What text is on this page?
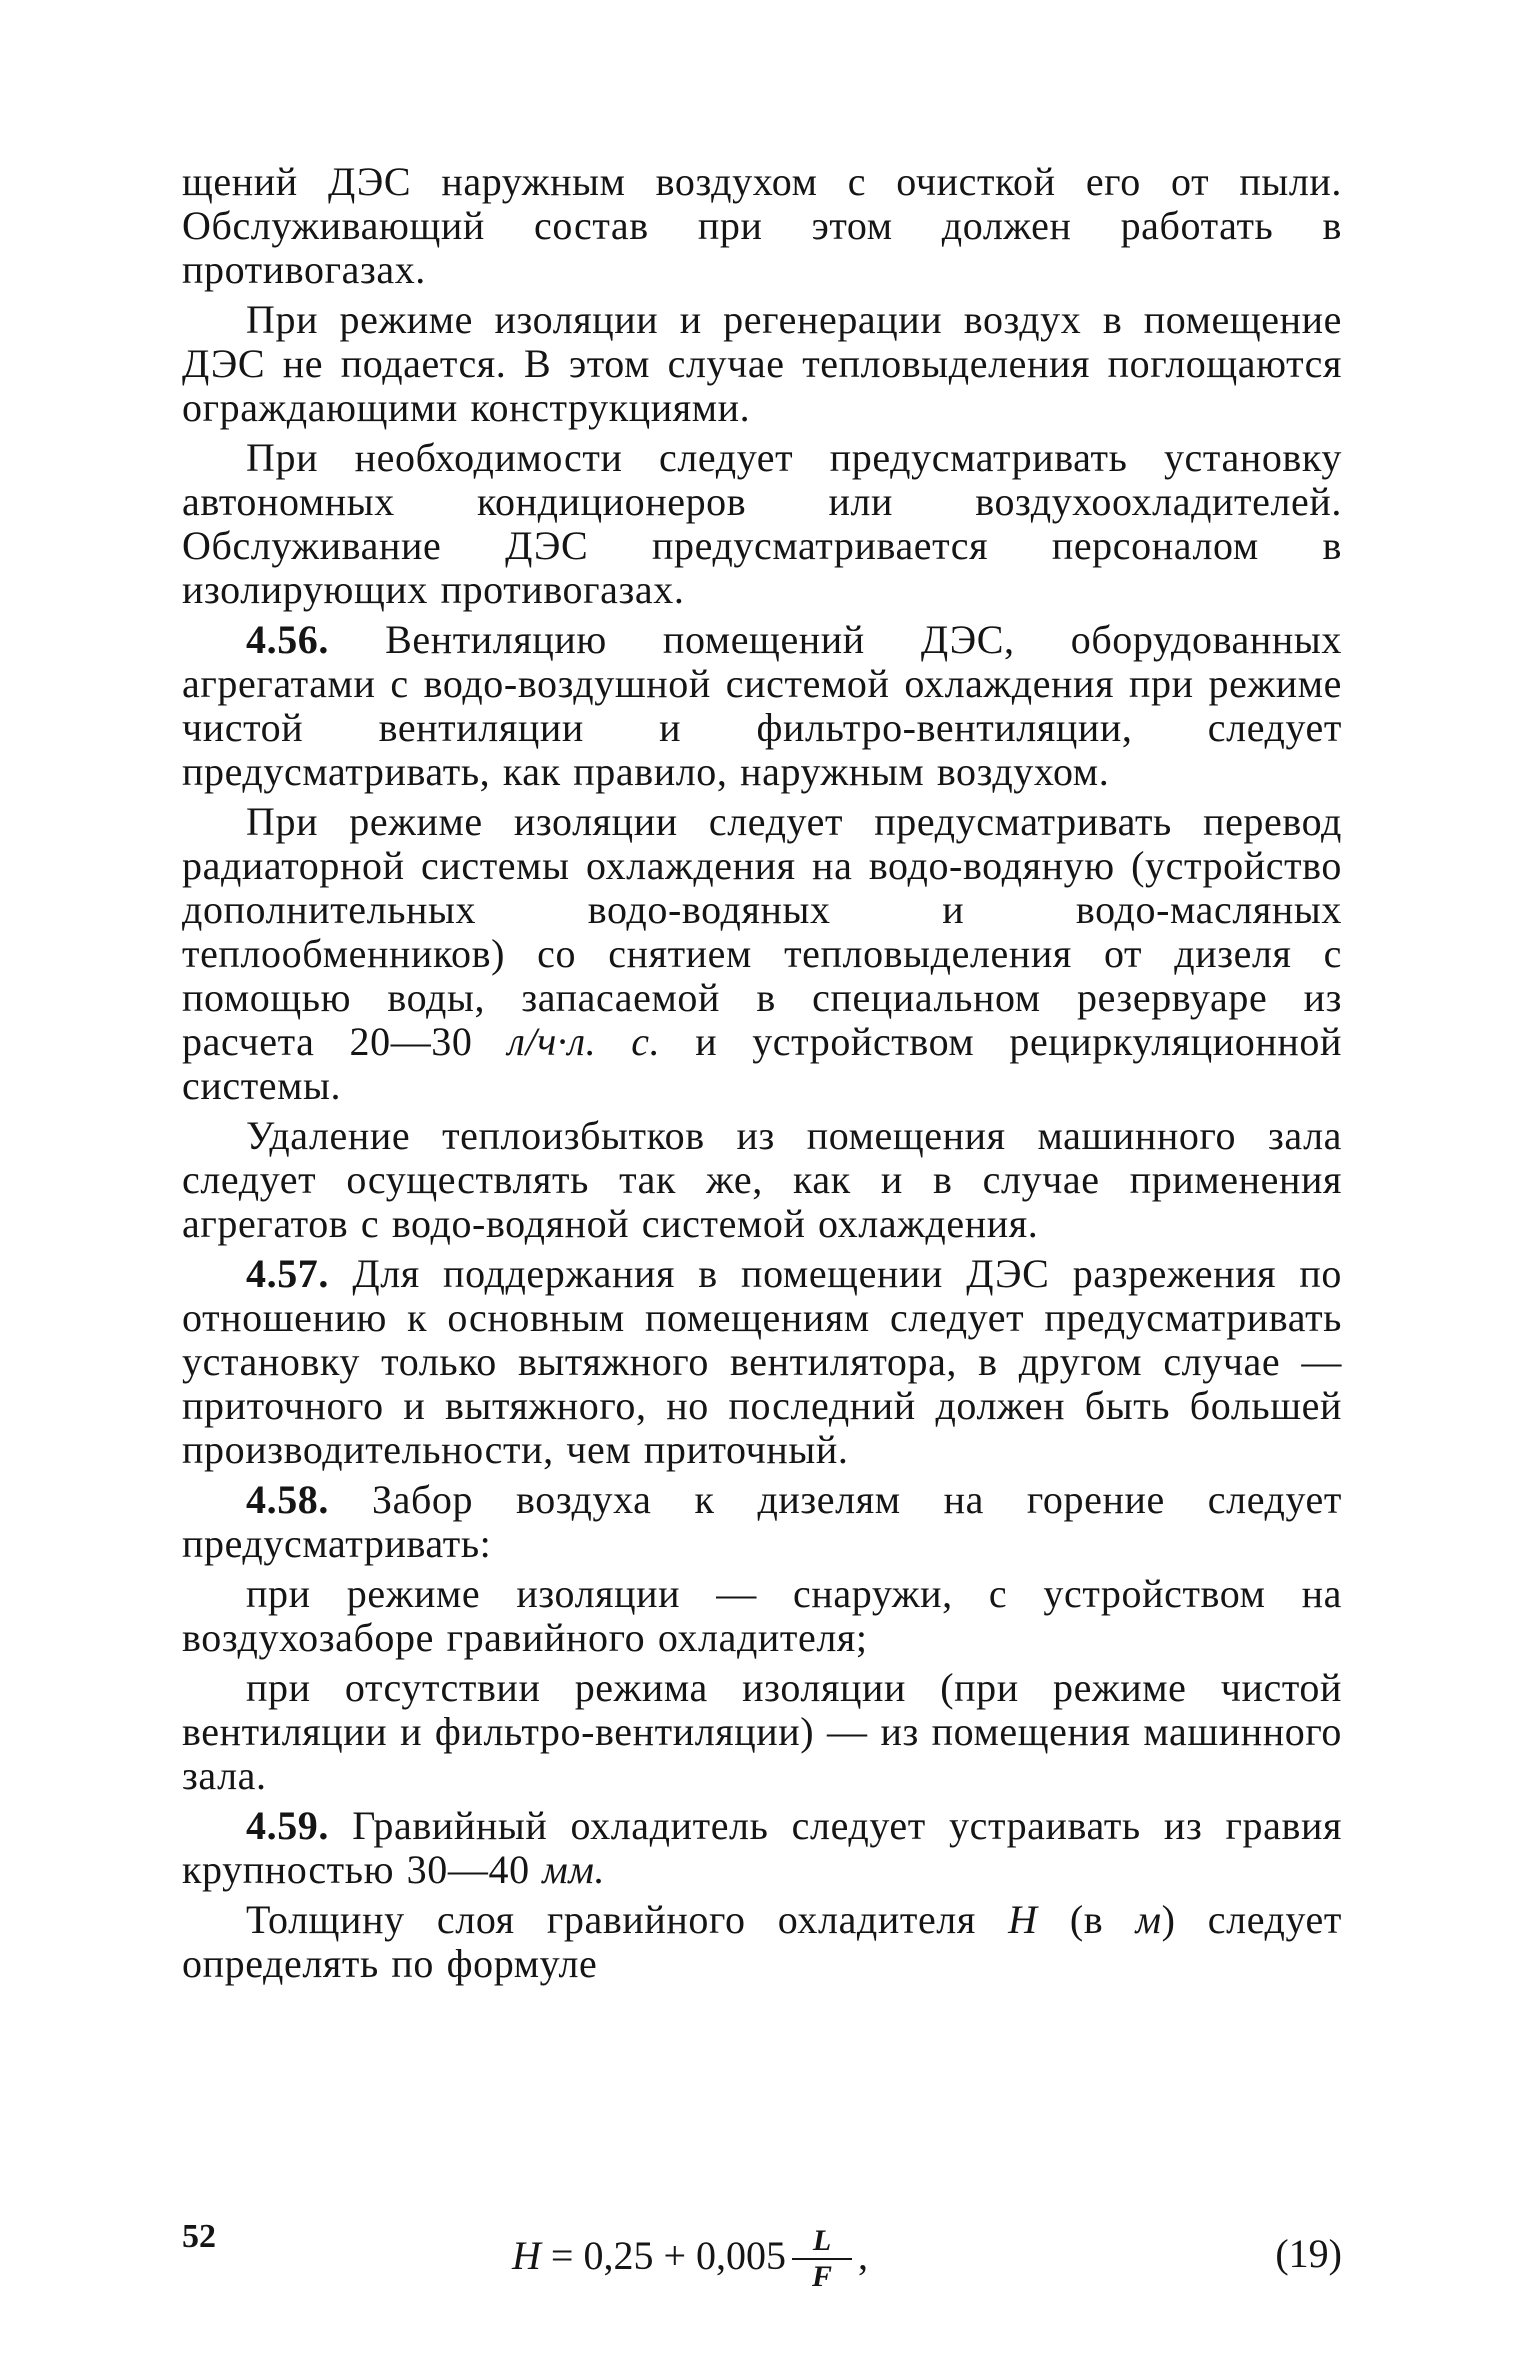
щений ДЭС наружным воздухом с очисткой его от пыли. Обслуживающий состав при этом должен работать в противогазах.

При режиме изоляции и регенерации воздух в помещение ДЭС не подается. В этом случае тепловыделения поглощаются ограждающими конструкциями.

При необходимости следует предусматривать установку автономных кондиционеров или воздухоохладителей. Обслуживание ДЭС предусматривается персоналом в изолирующих противогазах.

4.56. Вентиляцию помещений ДЭС, оборудованных агрегатами с водо-воздушной системой охлаждения при режиме чистой вентиляции и фильтро-вентиляции, следует предусматривать, как правило, наружным воздухом.

При режиме изоляции следует предусматривать перевод радиаторной системы охлаждения на водо-водяную (устройство дополнительных водо-водяных и водо-масляных теплообменников) со снятием тепловыделения от дизеля с помощью воды, запасаемой в специальном резервуаре из расчета 20—30 л/ч·л. с. и устройством рециркуляционной системы.

Удаление теплоизбытков из помещения машинного зала следует осуществлять так же, как и в случае применения агрегатов с водо-водяной системой охлаждения.

4.57. Для поддержания в помещении ДЭС разрежения по отношению к основным помещениям следует предусматривать установку только вытяжного вентилятора, в другом случае — приточного и вытяжного, но последний должен быть большей производительности, чем приточный.

4.58. Забор воздуха к дизелям на горение следует предусматривать:

при режиме изоляции — снаружи, с устройством на воздухозаборе гравийного охладителя;

при отсутствии режима изоляции (при режиме чистой вентиляции и фильтро-вентиляции) — из помещения машинного зала.

4.59. Гравийный охладитель следует устраивать из гравия крупностью 30—40 мм.

Толщину слоя гравийного охладителя H (в м) следует определять по формуле

$H = 0,25 + 0,005 \frac{L}{F}$ ,	(19)
52
